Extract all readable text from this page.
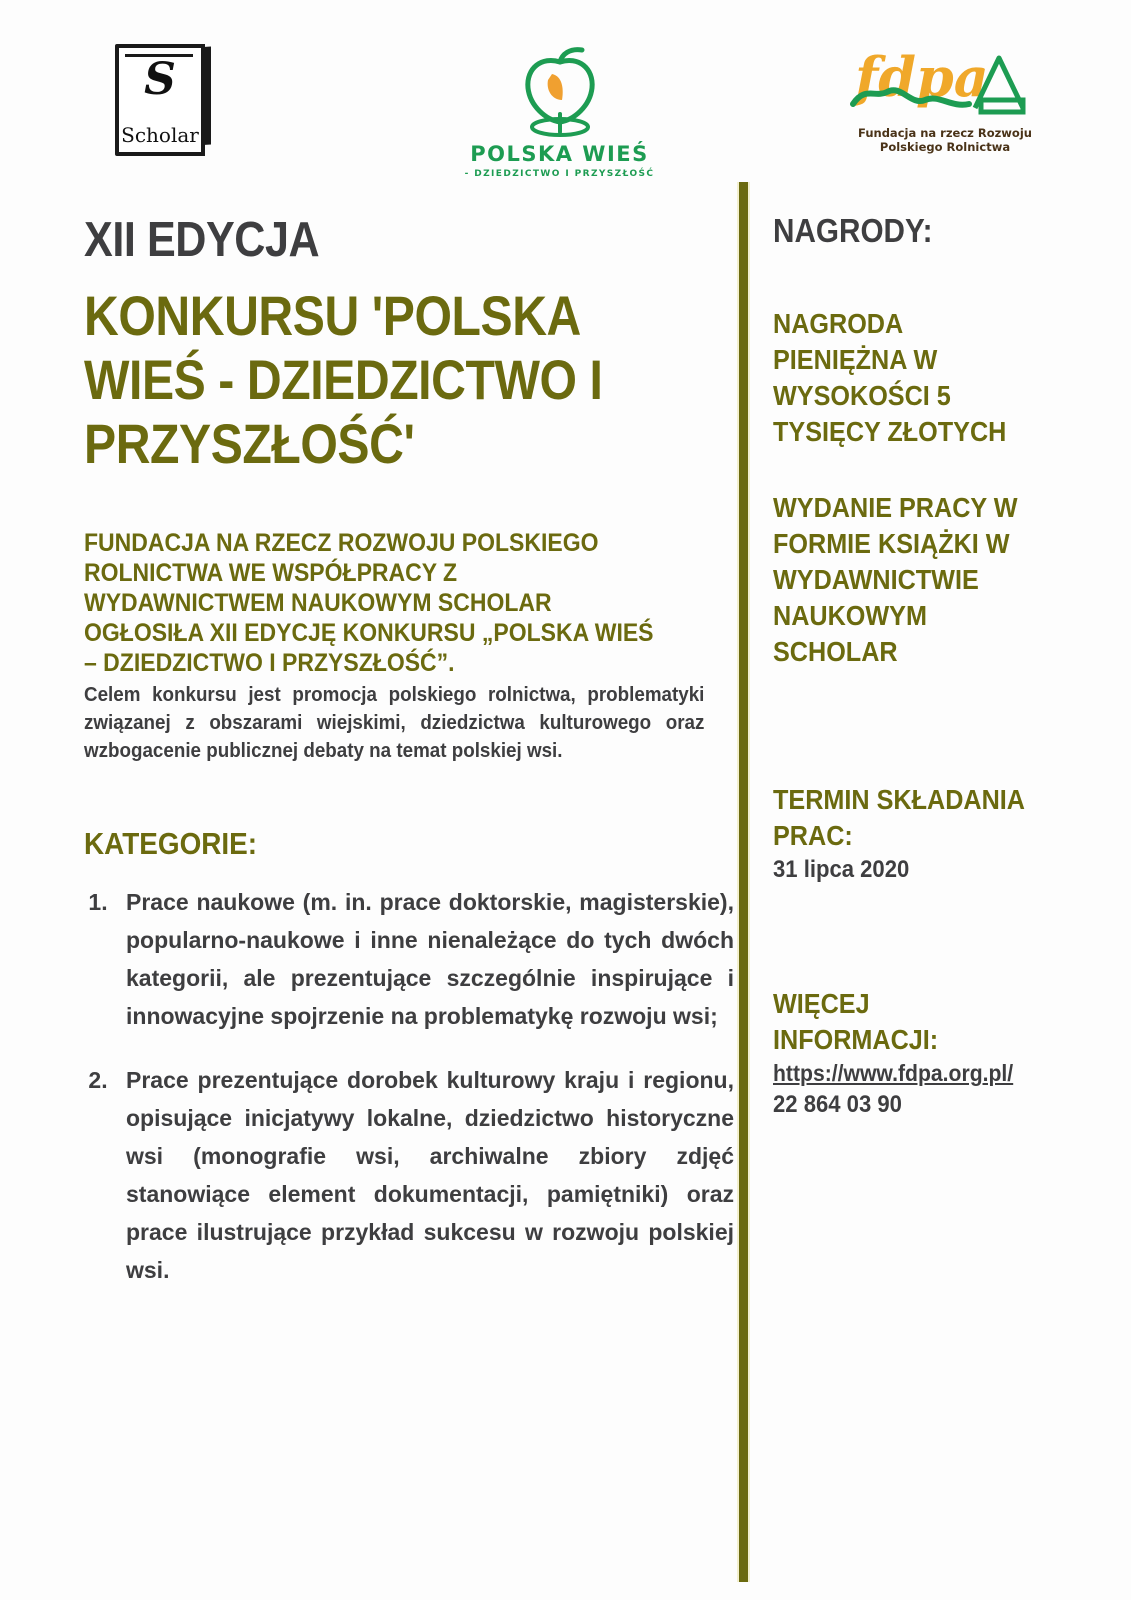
S
Scholar
POLSKA WIEŚ
- DZIEDZICTWO I PRZYSZŁOŚĆ
fdpa
Fundacja na rzecz Rozwoju
Polskiego Rolnictwa
XII EDYCJA
KONKURSU 'POLSKA WIEŚ - DZIEDZICTWO I PRZYSZŁOŚĆ'
FUNDACJA NA RZECZ ROZWOJU POLSKIEGO ROLNICTWA WE WSPÓŁPRACY Z WYDAWNICTWEM NAUKOWYM SCHOLAR OGŁOSIŁA XII EDYCJĘ KONKURSU „POLSKA WIEŚ – DZIEDZICTWO I PRZYSZŁOŚĆ”.
Celem konkursu jest promocja polskiego rolnictwa, problematyki związanej z obszarami wiejskimi, dziedzictwa kulturowego oraz wzbogacenie publicznej debaty na temat polskiej wsi.
KATEGORIE:
1. Prace naukowe (m. in. prace doktorskie, magisterskie), popularno-naukowe i inne nienależące do tych dwóch kategorii, ale prezentujące szczególnie inspirujące i innowacyjne spojrzenie na problematykę rozwoju wsi;
2. Prace prezentujące dorobek kulturowy kraju i regionu, opisujące inicjatywy lokalne, dziedzictwo historyczne wsi (monografie wsi, archiwalne zbiory zdjęć stanowiące element dokumentacji, pamiętniki) oraz prace ilustrujące przykład sukcesu w rozwoju polskiej wsi.
NAGRODY:
NAGRODA PIENIĘŻNA W WYSOKOŚCI 5 TYSIĘCY ZŁOTYCH
WYDANIE PRACY W FORMIE KSIĄŻKI W WYDAWNICTWIE NAUKOWYM SCHOLAR
TERMIN SKŁADANIA PRAC:
31 lipca 2020
WIĘCEJ INFORMACJI:
https://www.fdpa.org.pl/
22 864 03 90
